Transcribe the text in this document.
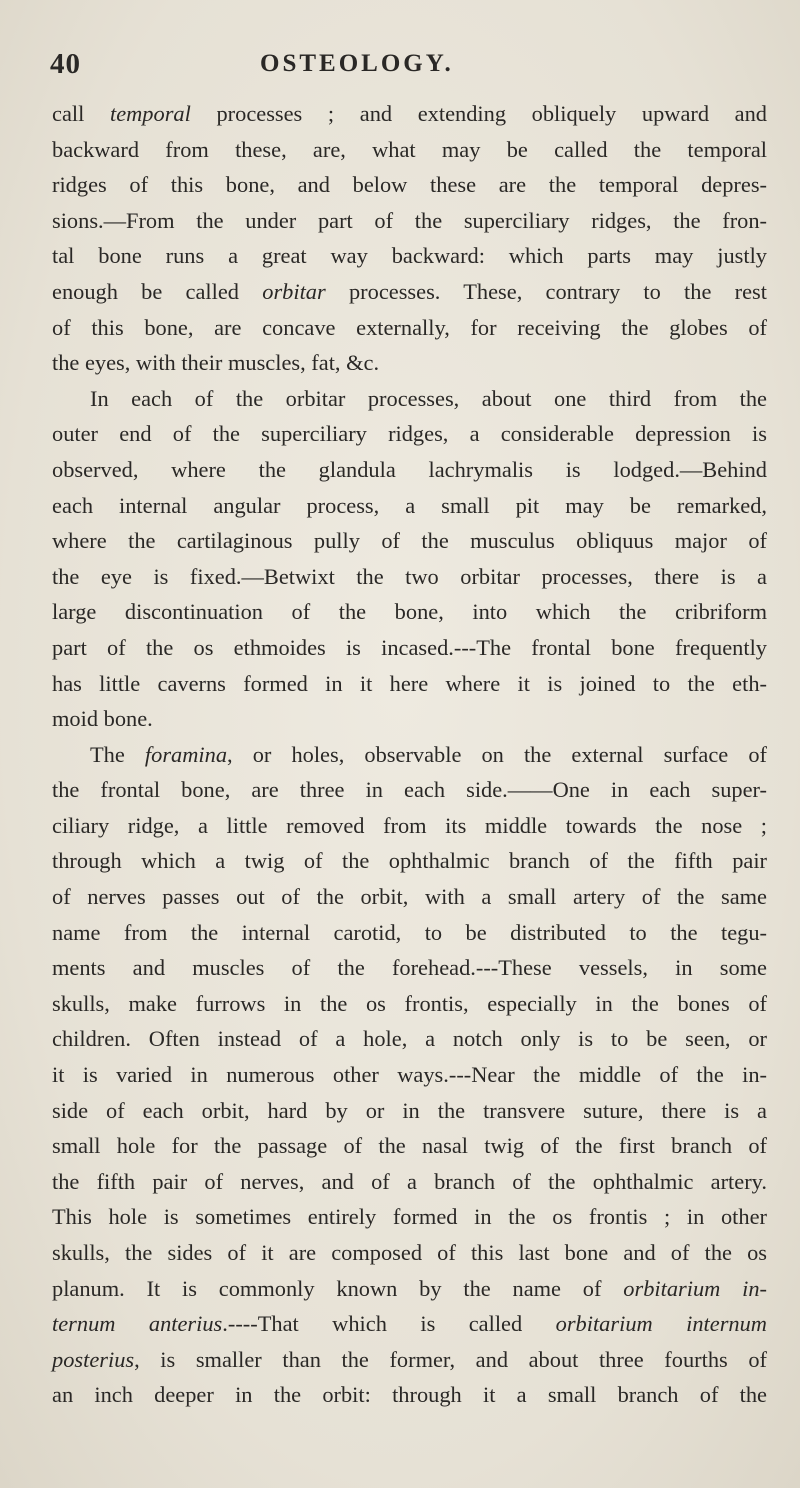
40	OSTEOLOGY.
call temporal processes ; and extending obliquely upward and
backward from these, are, what may be called the temporal
ridges of this bone, and below these are the temporal depres-
sions.—From the under part of the superciliary ridges, the fron-
tal bone runs a great way backward: which parts may justly
enough be called orbitar processes. These, contrary to the rest
of this bone, are concave externally, for receiving the globes of
the eyes, with their muscles, fat, &c.
In each of the orbitar processes, about one third from the
outer end of the superciliary ridges, a considerable depression is
observed, where the glandula lachrymalis is lodged.—Behind
each internal angular process, a small pit may be remarked,
where the cartilaginous pully of the musculus obliquus major of
the eye is fixed.—Betwixt the two orbitar processes, there is a
large discontinuation of the bone, into which the cribriform
part of the os ethmoides is incased.---The frontal bone frequently
has little caverns formed in it here where it is joined to the eth-
moid bone.
The foramina, or holes, observable on the external surface of
the frontal bone, are three in each side.——One in each super-
ciliary ridge, a little removed from its middle towards the nose ;
through which a twig of the ophthalmic branch of the fifth pair
of nerves passes out of the orbit, with a small artery of the same
name from the internal carotid, to be distributed to the tegu-
ments and muscles of the forehead.---These vessels, in some
skulls, make furrows in the os frontis, especially in the bones of
children. Often instead of a hole, a notch only is to be seen, or
it is varied in numerous other ways.---Near the middle of the in-
side of each orbit, hard by or in the transvere suture, there is a
small hole for the passage of the nasal twig of the first branch of
the fifth pair of nerves, and of a branch of the ophthalmic artery.
This hole is sometimes entirely formed in the os frontis ; in other
skulls, the sides of it are composed of this last bone and of the os
planum. It is commonly known by the name of orbitarium in-
ternum anterius.----That which is called orbitarium internum
posterius, is smaller than the former, and about three fourths of
an inch deeper in the orbit: through it a small branch of the
